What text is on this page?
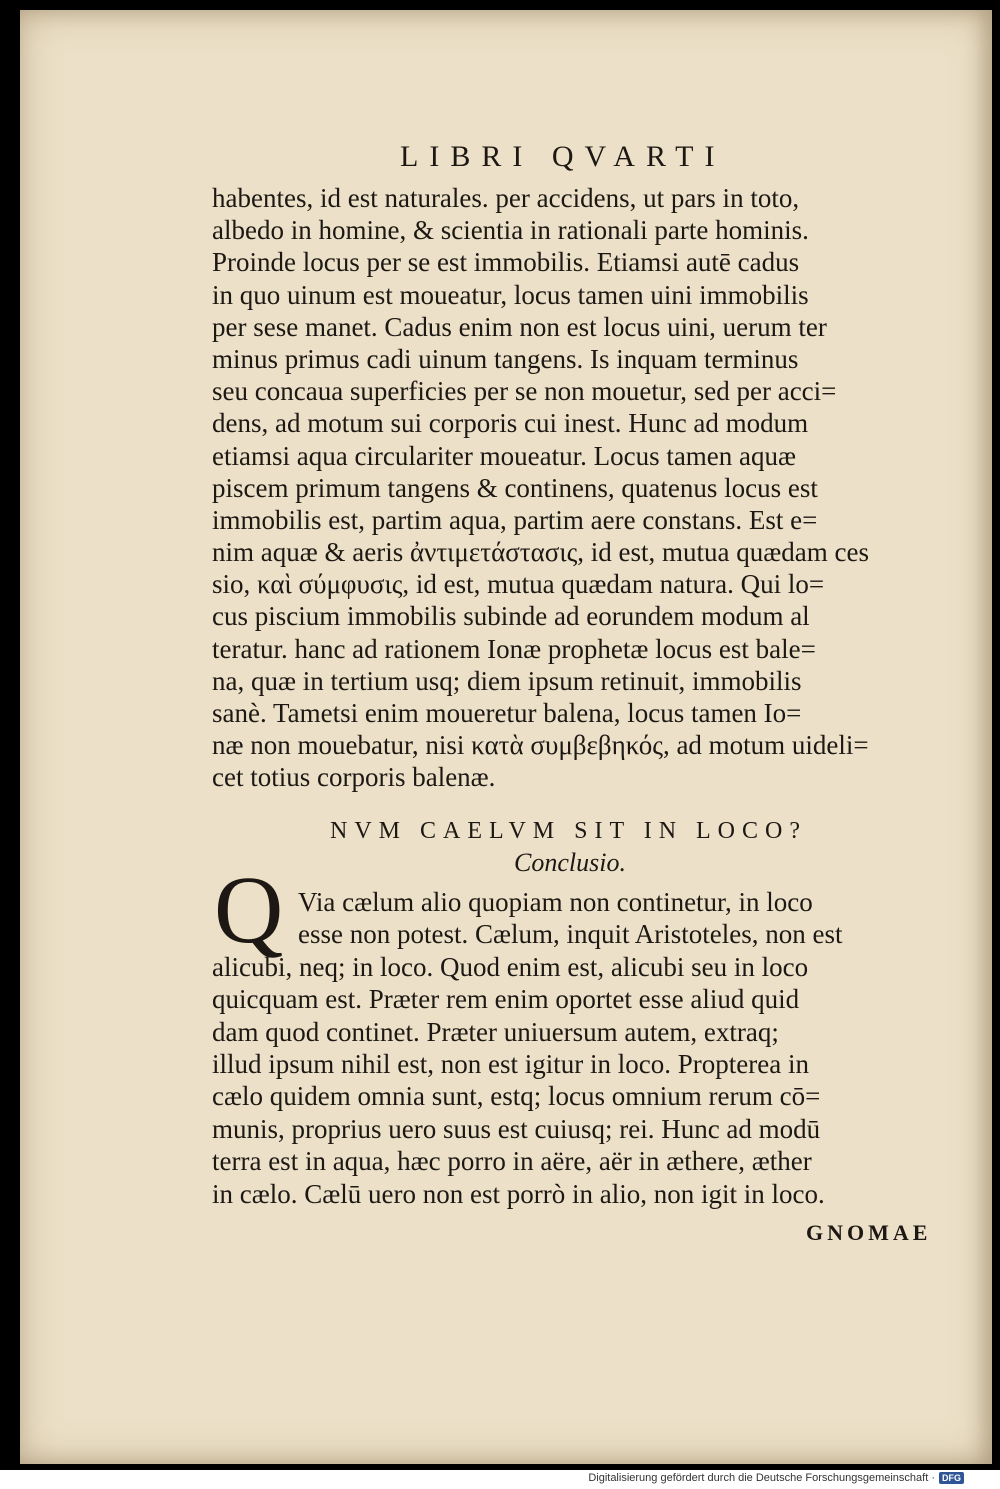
LIBRI QVARTI
habentes, id est naturales. per accidens, ut pars in toto,
albedo in homine, & scientia in rationali parte hominis.
Proinde locus per se est immobilis. Etiamsi autē cadus
in quo uinum est moueatur, locus tamen uini immobilis
per sese manet. Cadus enim non est locus uini, uerum ter
minus primus cadi uinum tangens. Is inquam terminus
seu concaua superficies per se non mouetur, sed per acci=
dens, ad motum sui corporis cui inest. Hunc ad modum
etiamsi aqua circulariter moueatur. Locus tamen aquæ
piscem primum tangens & continens, quatenus locus est
immobilis est, partim aqua, partim aere constans. Est e=
nim aquæ & aeris ἀντιμετάστασις, id est, mutua quædam ces
sio, καὶ σύμφυσις, id est, mutua quædam natura. Qui lo=
cus piscium immobilis subinde ad eorundem modum al
teratur. hanc ad rationem Ionæ prophetæ locus est bale=
na, quæ in tertium usq; diem ipsum retinuit, immobilis
sanè. Tametsi enim moueretur balena, locus tamen Io=
næ non mouebatur, nisi κατὰ συμβεβηκός, ad motum uideli=
cet totius corporis balenæ.
NVM CAELVM SIT IN LOCO?
Conclusio.
Q Via cælum alio quopiam non continetur, in loco
esse non potest. Cælum, inquit Aristoteles, non est
alicubi, neq; in loco. Quod enim est, alicubi seu in loco
quicquam est. Præter rem enim oportet esse aliud quid
dam quod continet. Præter uniuersum autem, extraq;
illud ipsum nihil est, non est igitur in loco. Propterea in
cælo quidem omnia sunt, estq; locus omnium rerum cō=
munis, proprius uero suus est cuiusq; rei. Hunc ad modū
terra est in aqua, hæc porro in aëre, aër in æthere, æther
in cælo. Cælū uero non est porrò in alio, non igit in loco.
GNOMAE
Digitalisierung gefördert durch die Deutsche Forschungsgemeinschaft · DFG
